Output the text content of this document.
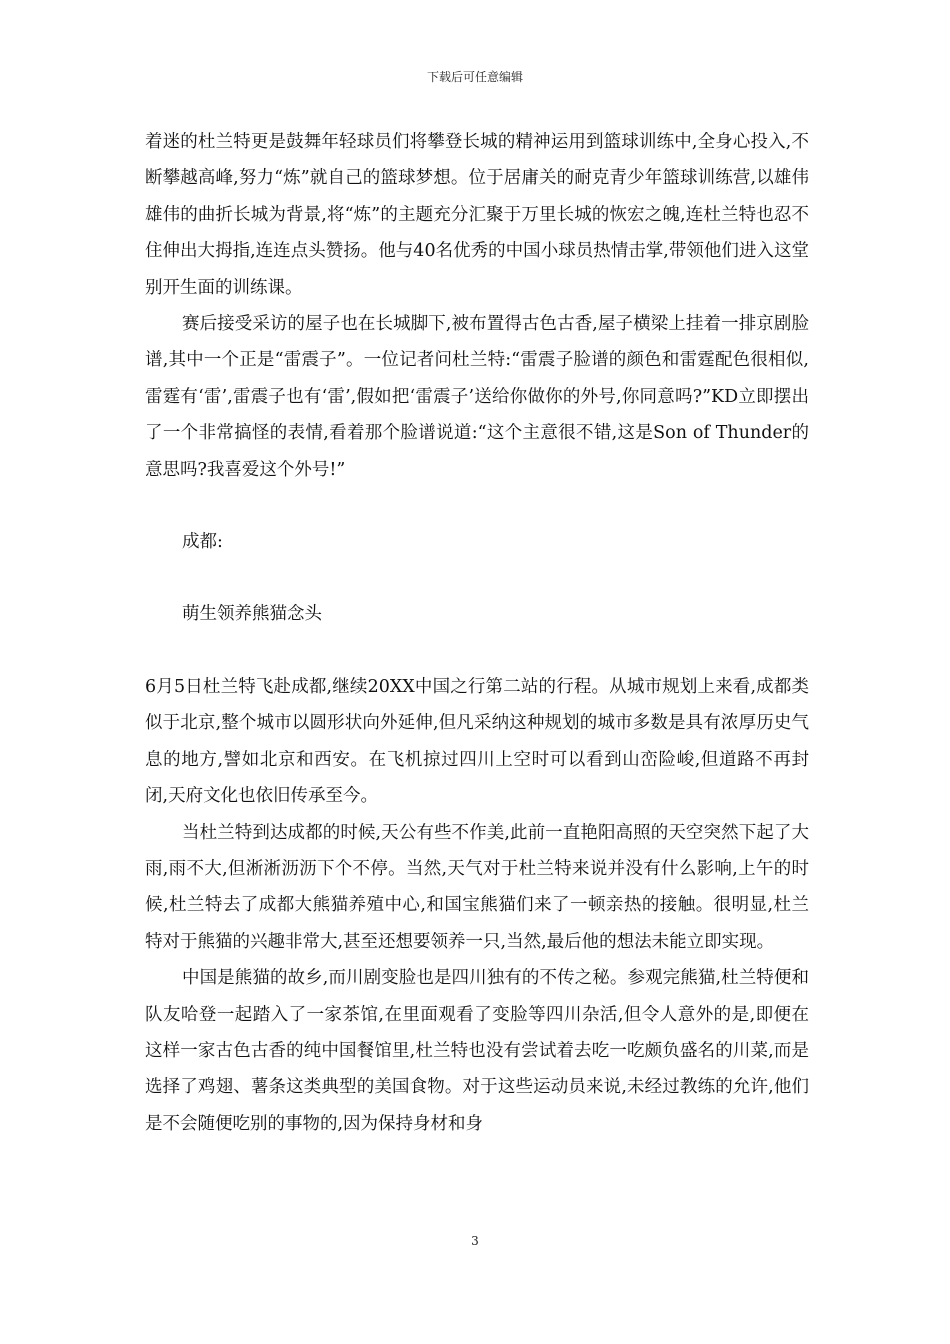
下载后可任意编辑

着迷的杜兰特更是鼓舞年轻球员们将攀登长城的精神运用到篮球训练中,全身心投入,不断攀越高峰,努力“炼”就自己的篮球梦想。位于居庸关的耐克青少年篮球训练营,以雄伟雄伟的曲折长城为背景,将“炼”的主题充分汇聚于万里长城的恢宏之魄,连杜兰特也忍不住伸出大拇指,连连点头赞扬。他与40名优秀的中国小球员热情击掌,带领他们进入这堂别开生面的训练课。

赛后接受采访的屋子也在长城脚下,被布置得古色古香,屋子横梁上挂着一排京剧脸谱,其中一个正是“雷震子”。一位记者问杜兰特:“雷震子脸谱的颜色和雷霆配色很相似,雷霆有‘雷’,雷震子也有‘雷’,假如把‘雷震子’送给你做你的外号,你同意吗?”KD立即摆出了一个非常搞怪的表情,看着那个脸谱说道:“这个主意很不错,这是Son of Thunder的意思吗?我喜爱这个外号!”

成都:

萌生领养熊猫念头

6月5日杜兰特飞赴成都,继续20XX中国之行第二站的行程。从城市规划上来看,成都类似于北京,整个城市以圆形状向外延伸,但凡采纳这种规划的城市多数是具有浓厚历史气息的地方,譬如北京和西安。在飞机掠过四川上空时可以看到山峦险峻,但道路不再封闭,天府文化也依旧传承至今。

当杜兰特到达成都的时候,天公有些不作美,此前一直艳阳高照的天空突然下起了大雨,雨不大,但淅淅沥沥下个不停。当然,天气对于杜兰特来说并没有什么影响,上午的时候,杜兰特去了成都大熊猫养殖中心,和国宝熊猫们来了一顿亲热的接触。很明显,杜兰特对于熊猫的兴趣非常大,甚至还想要领养一只,当然,最后他的想法未能立即实现。

中国是熊猫的故乡,而川剧变脸也是四川独有的不传之秘。参观完熊猫,杜兰特便和队友哈登一起踏入了一家茶馆,在里面观看了变脸等四川杂活,但令人意外的是,即便在这样一家古色古香的纯中国餐馆里,杜兰特也没有尝试着去吃一吃颇负盛名的川菜,而是选择了鸡翅、薯条这类典型的美国食物。对于这些运动员来说,未经过教练的允许,他们是不会随便吃别的事物的,因为保持身材和身

3
